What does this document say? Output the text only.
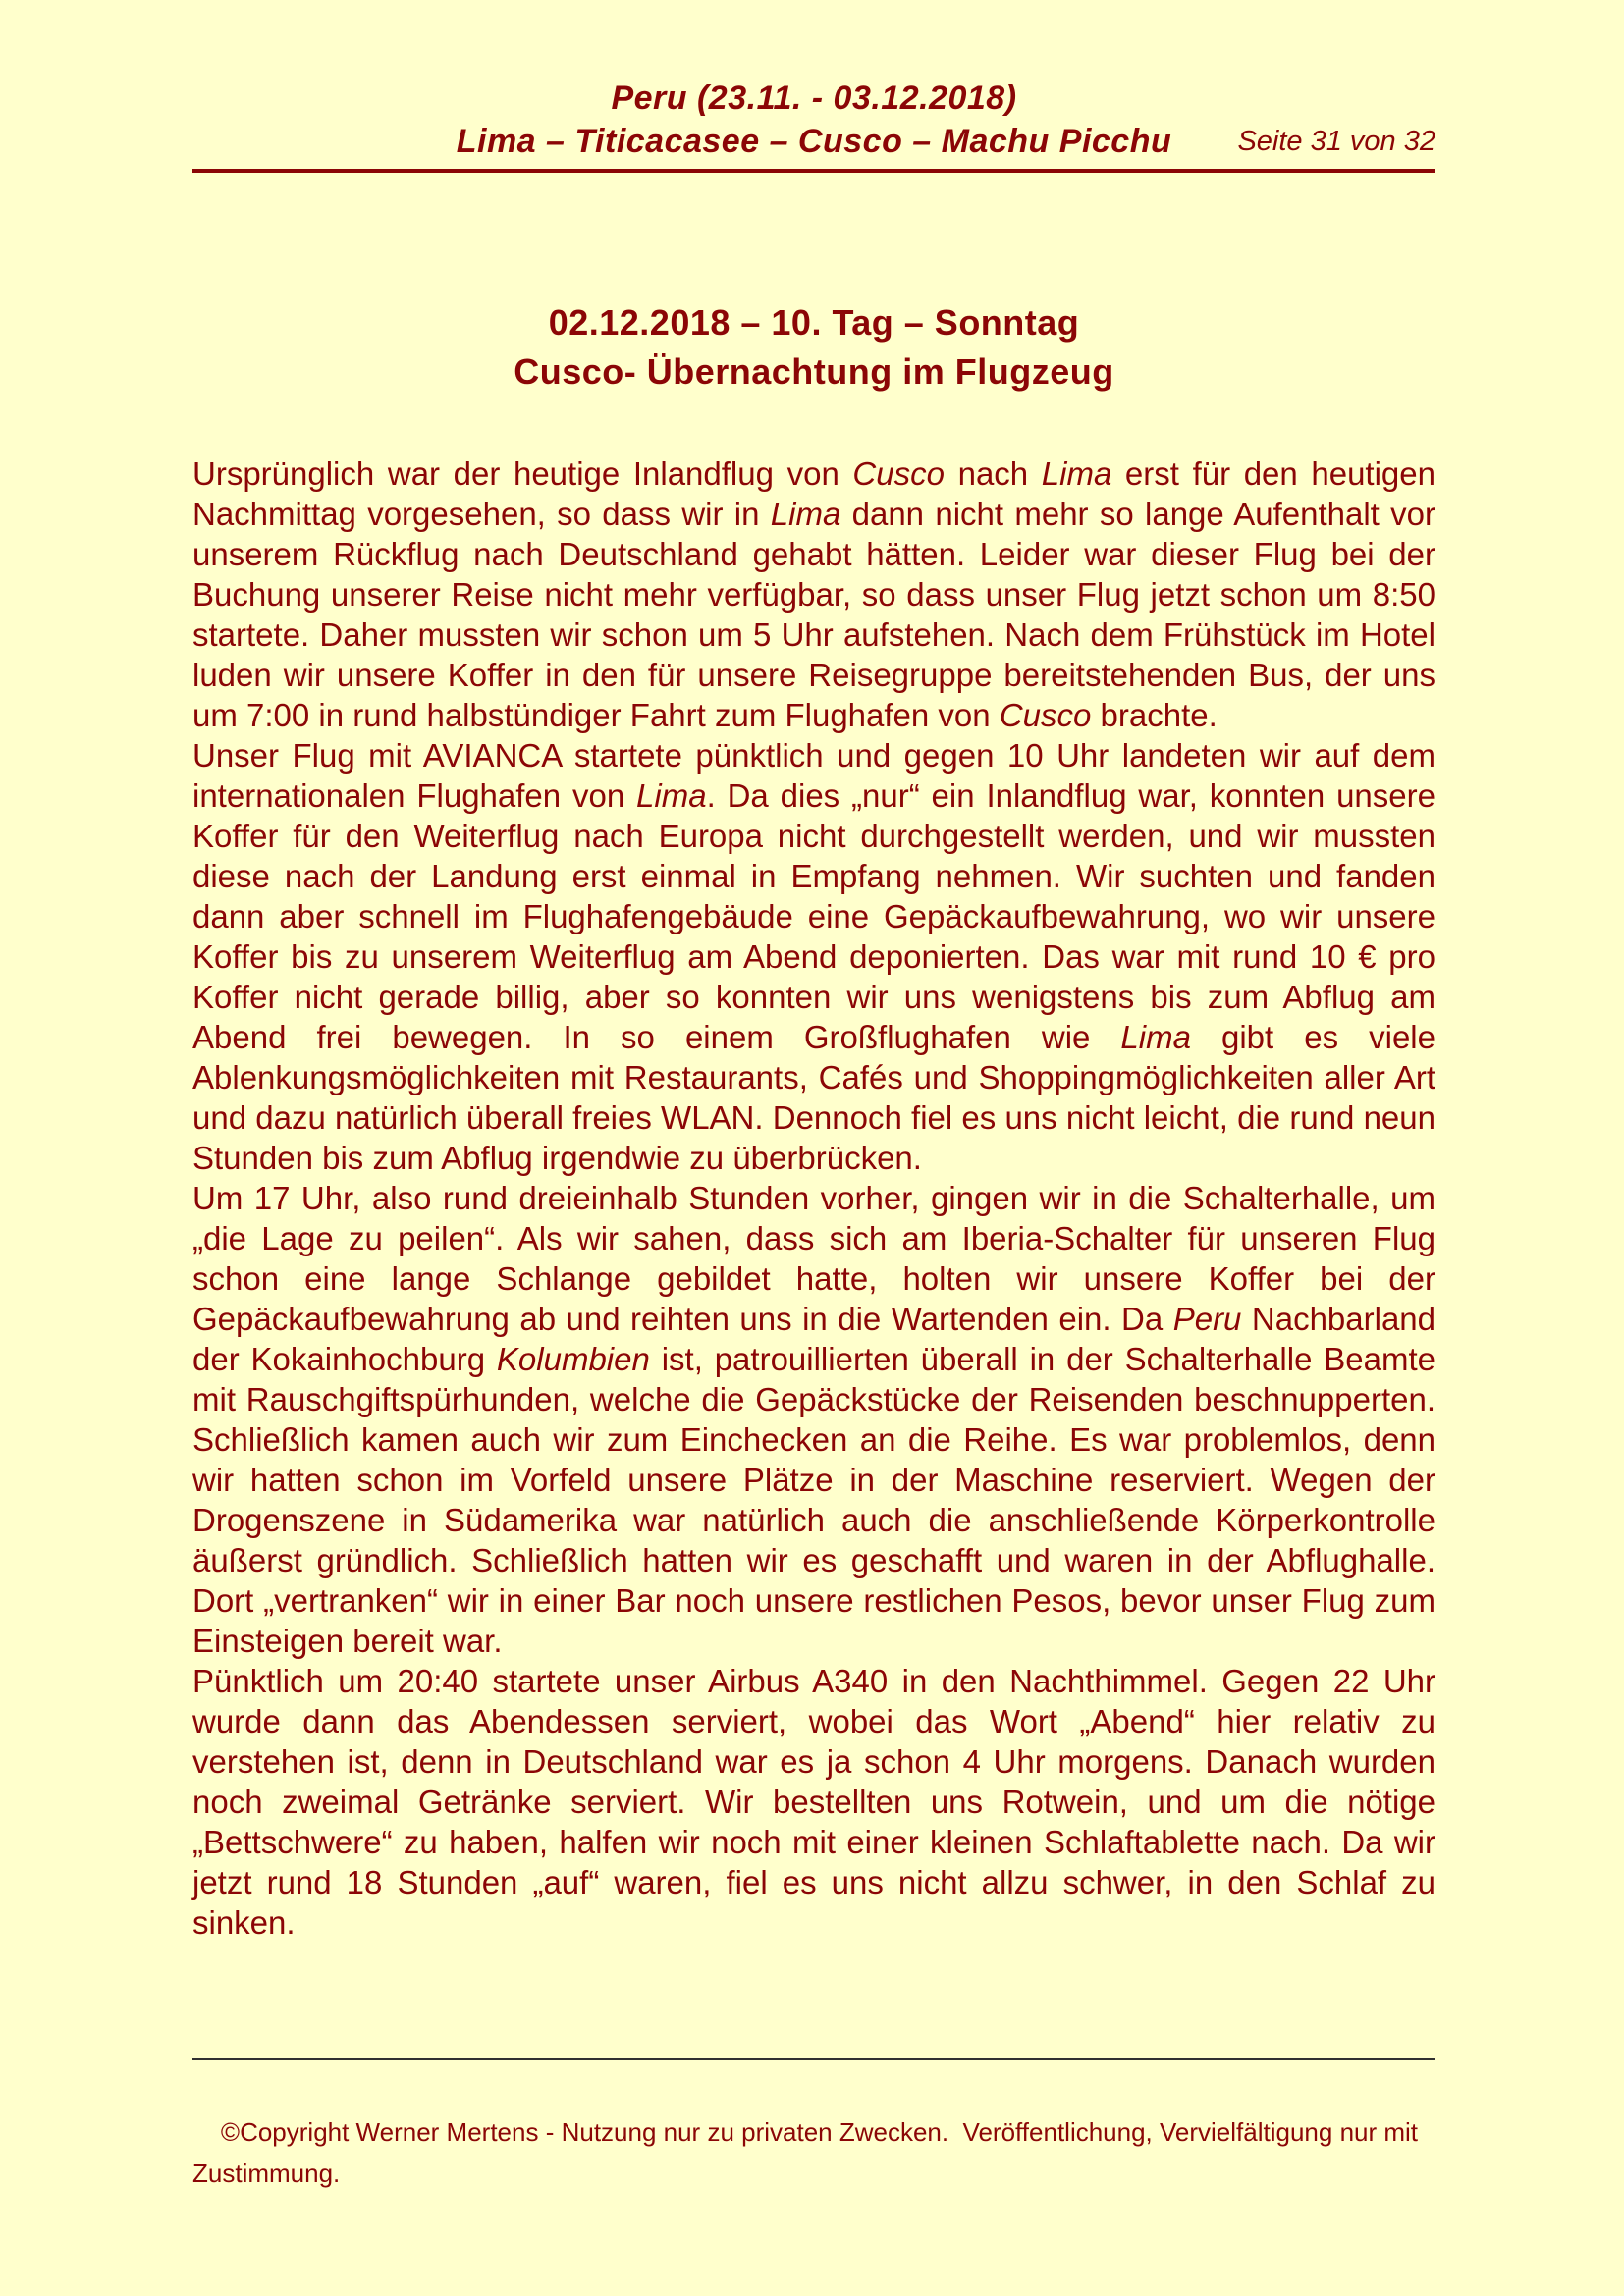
Peru (23.11. - 03.12.2018)
Lima – Titicacasee – Cusco – Machu Picchu Seite 31 von 32
02.12.2018 – 10. Tag – Sonntag
Cusco- Übernachtung im Flugzeug

Ursprünglich war der heutige Inlandflug von Cusco nach Lima erst für den heutigen Nachmittag vorgesehen, so dass wir in Lima dann nicht mehr so lange Aufenthalt vor unserem Rückflug nach Deutschland gehabt hätten. Leider war dieser Flug bei der Buchung unserer Reise nicht mehr verfügbar, so dass unser Flug jetzt schon um 8:50 startete. Daher mussten wir schon um 5 Uhr aufstehen. Nach dem Frühstück im Hotel luden wir unsere Koffer in den für unsere Reisegruppe bereitstehenden Bus, der uns um 7:00 in rund halbstündiger Fahrt zum Flughafen von Cusco brachte.

Unser Flug mit AVIANCA startete pünktlich und gegen 10 Uhr landeten wir auf dem internationalen Flughafen von Lima. Da dies „nur“ ein Inlandflug war, konnten unsere Koffer für den Weiterflug nach Europa nicht durchgestellt werden, und wir mussten diese nach der Landung erst einmal in Empfang nehmen. Wir suchten und fanden dann aber schnell im Flughafengebäude eine Gepäckaufbewahrung, wo wir unsere Koffer bis zu unserem Weiterflug am Abend deponierten. Das war mit rund 10 € pro Koffer nicht gerade billig, aber so konnten wir uns wenigstens bis zum Abflug am Abend frei bewegen. In so einem Großflughafen wie Lima gibt es viele Ablenkungsmöglichkeiten mit Restaurants, Cafés und Shoppingmöglichkeiten aller Art und dazu natürlich überall freies WLAN. Dennoch fiel es uns nicht leicht, die rund neun Stunden bis zum Abflug irgendwie zu überbrücken.

Um 17 Uhr, also rund dreieinhalb Stunden vorher, gingen wir in die Schalterhalle, um „die Lage zu peilen“. Als wir sahen, dass sich am Iberia-Schalter für unseren Flug schon eine lange Schlange gebildet hatte, holten wir unsere Koffer bei der Gepäckaufbewahrung ab und reihten uns in die Wartenden ein. Da Peru Nachbarland der Kokainhochburg Kolumbien ist, patrouillierten überall in der Schalterhalle Beamte mit Rauschgiftspürhunden, welche die Gepäckstücke der Reisenden beschnupperten. Schließlich kamen auch wir zum Einchecken an die Reihe. Es war problemlos, denn wir hatten schon im Vorfeld unsere Plätze in der Maschine reserviert. Wegen der Drogenszene in Südamerika war natürlich auch die anschließende Körperkontrolle äußerst gründlich. Schließlich hatten wir es geschafft und waren in der Abflughalle. Dort „vertranken“ wir in einer Bar noch unsere restlichen Pesos, bevor unser Flug zum Einsteigen bereit war.

Pünktlich um 20:40 startete unser Airbus A340 in den Nachthimmel. Gegen 22 Uhr wurde dann das Abendessen serviert, wobei das Wort „Abend“ hier relativ zu verstehen ist, denn in Deutschland war es ja schon 4 Uhr morgens. Danach wurden noch zweimal Getränke serviert. Wir bestellten uns Rotwein, und um die nötige „Bettschwere“ zu haben, halfen wir noch mit einer kleinen Schlaftablette nach. Da wir jetzt rund 18 Stunden „auf“ waren, fiel es uns nicht allzu schwer, in den Schlaf zu sinken.

©Copyright Werner Mertens - Nutzung nur zu privaten Zwecken.  Veröffentlichung, Vervielfältigung nur mit Zustimmung.
